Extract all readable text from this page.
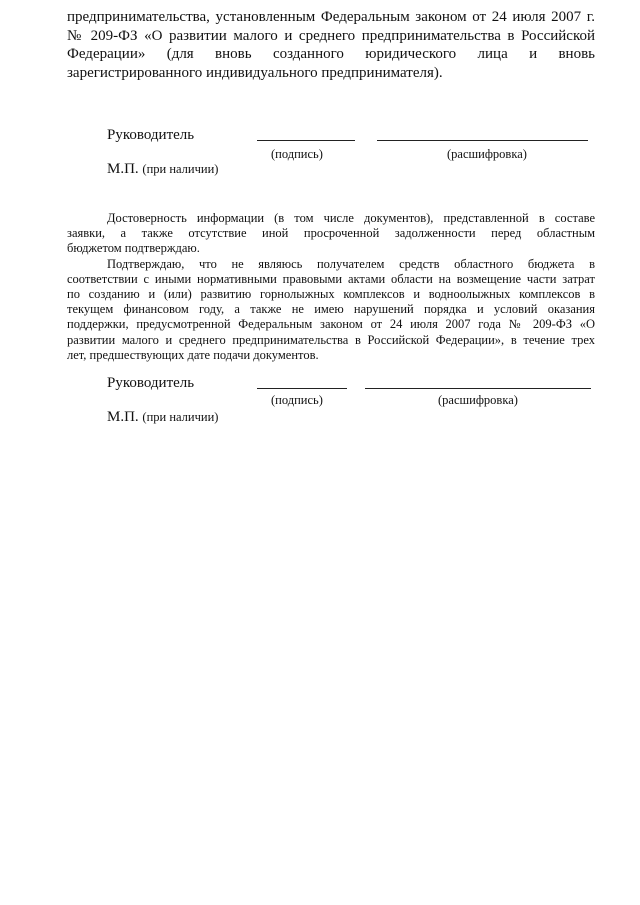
предпринимательства, установленным Федеральным законом от 24 июля 2007 г.
№ 209-ФЗ «О развитии малого и среднего предпринимательства в Российской
Федерации» (для вновь созданного юридического лица и вновь
зарегистрированного индивидуального предпринимателя).
Руководитель
(подпись)	(расшифровка)
М.П. (при наличии)
Достоверность информации (в том числе документов), представленной в составе
заявки, а также отсутствие иной просроченной задолженности перед областным
бюджетом подтверждаю.
Подтверждаю, что не являюсь получателем средств областного бюджета в
соответствии с иными нормативными правовыми актами области на возмещение части затрат
по созданию и (или) развитию горнолыжных комплексов и водноолыжных комплексов в
текущем финансовом году, а также не имею нарушений порядка и условий оказания
поддержки, предусмотренной Федеральным законом от 24 июля 2007 года № 209-ФЗ «О
развитии малого и среднего предпринимательства в Российской Федерации», в течение трех
лет, предшествующих дате подачи документов.
Руководитель
(подпись)	(расшифровка)
М.П. (при наличии)
